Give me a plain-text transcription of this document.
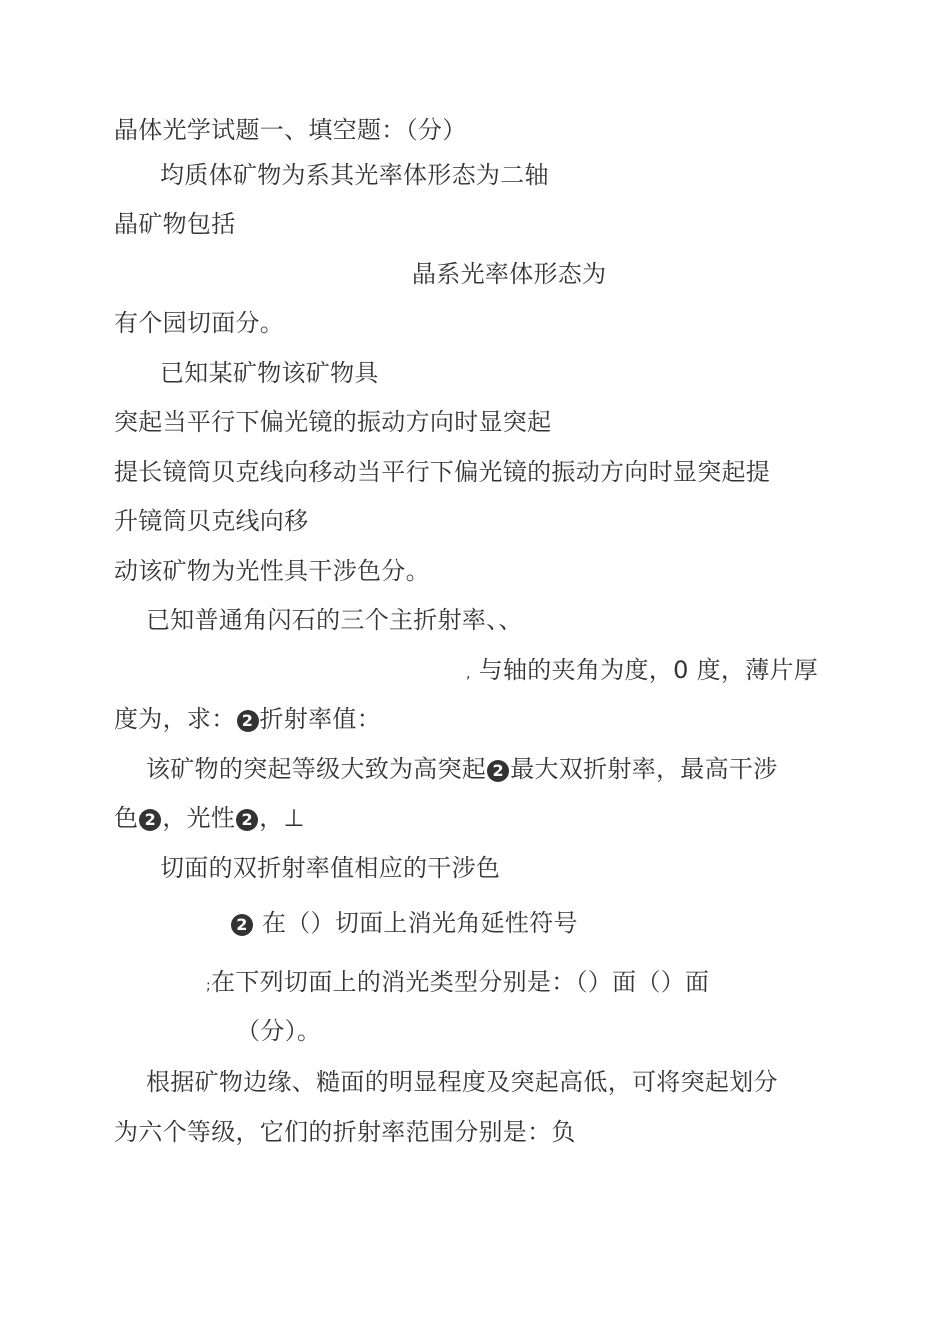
晶体光学试题一、填空题：（分）
均质体矿物为系其光率体形态为二轴
晶矿物包括
晶系光率体形态为
有个园切面分。
已知某矿物该矿物具
突起当平行下偏光镜的振动方向时显突起
提长镜筒贝克线向移动当平行下偏光镜的振动方向时显突起提
升镜筒贝克线向移
动该矿物为光性具干涉色分。
已知普通角闪石的三个主折射率、、
, 与轴的夹角为度，0 度，薄片厚
度为，求： 2 折射率值：
该矿物的突起等级大致为高突起 2 最大双折射率，最高干涉
色 2 ，光性 2 ，⊥
切面的双折射率值相应的干涉色
2 在（）切面上消光角延性符号
;在下列切面上的消光类型分别是：（）面（）面
（分）。
根据矿物边缘、糙面的明显程度及突起高低，可将突起划分
为六个等级，它们的折射率范围分别是：负
